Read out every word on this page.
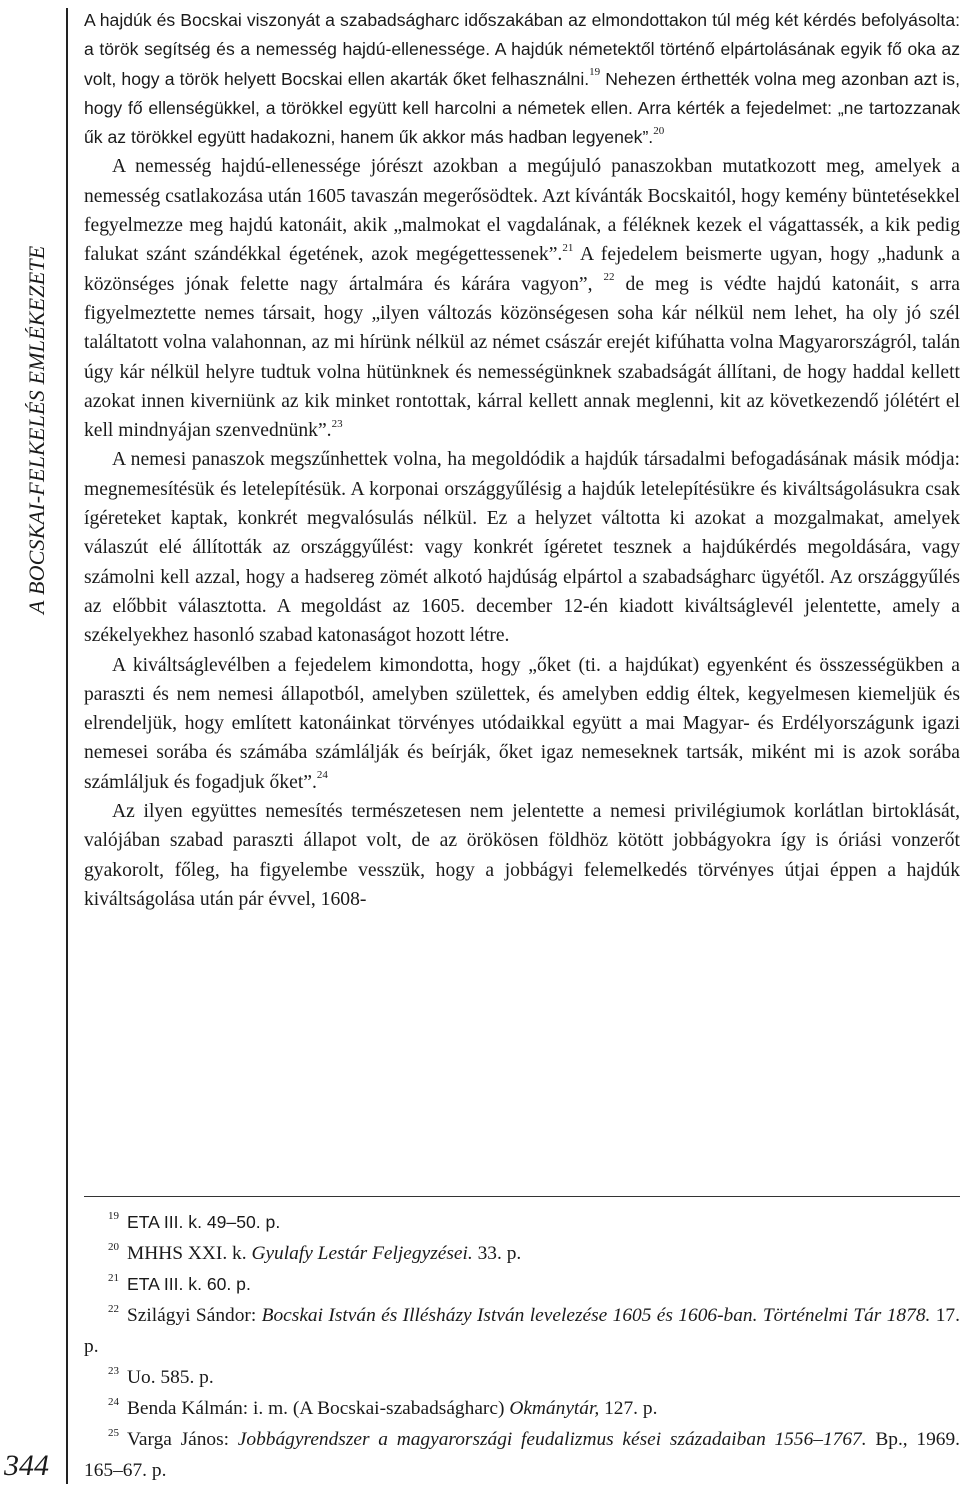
A BOCSKAI-FELKELÉS EMLÉKEZETE
344

A hajdúk és Bocskai viszonyát a szabadságharc időszakában az elmondottakon túl még két kérdés befolyásolta: a török segítség és a nemesség hajdú-ellenessége. A hajdúk németektől történő elpártolásának egyik fő oka az volt, hogy a török helyett Bocskai ellen akarták őket felhasználni.$^{19}$ Nehezen érthették volna meg azonban azt is, hogy fő ellenségükkel, a törökkel együtt kell harcolni a németek ellen. Arra kérték a fejedelmet: „ne tartozzanak űk az törökkel együtt hadakozni, hanem űk akkor más hadban legyenek”.$^{20}$

A nemesség hajdú-ellenessége jórészt azokban a megújuló panaszokban mutatkozott meg, amelyek a nemesség csatlakozása után 1605 tavaszán megerősödtek. Azt kívánták Bocskaitól, hogy kemény büntetésekkel fegyelmezze meg hajdú katonáit, akik „malmokat el vagdalának, a féléknek kezek el vágattassék, a kik pedig falukat szánt szándékkal égetének, azok megégettessenek”.$^{21}$ A fejedelem beismerte ugyan, hogy „hadunk a közönséges jónak felette nagy ártalmára és kárára vagyon”, $^{22}$ de meg is védte hajdú katonáit, s arra figyelmeztette nemes társait, hogy „ilyen változás közönségesen soha kár nélkül nem lehet, ha oly jó szél találtatott volna valahonnan, az mi hírünk nélkül az német császár erejét kifúhatta volna Magyarországról, talán úgy kár nélkül helyre tudtuk volna hütünknek és nemességünknek szabadságát állítani, de hogy haddal kellett azokat innen kiverniünk az kik minket rontottak, kárral kellett annak meglenni, kit az következendő jólétért el kell mindnyájan szenvednünk”.$^{23}$

A nemesi panaszok megszűnhettek volna, ha megoldódik a hajdúk társadalmi befogadásának másik módja: megnemesítésük és letelepítésük. A korponai országgyűlésig a hajdúk letelepítésükre és kiváltságolásukra csak ígéreteket kaptak, konkrét megvalósulás nélkül. Ez a helyzet váltotta ki azokat a mozgalmakat, amelyek válaszút elé állították az országgyűlést: vagy konkrét ígéretet tesznek a hajdúkérdés megoldására, vagy számolni kell azzal, hogy a hadsereg zömét alkotó hajdúság elpártol a szabadságharc ügyétől. Az országgyűlés az előbbit választotta. A megoldást az 1605. december 12-én kiadott kiváltságlevél jelentette, amely a székelyekhez hasonló szabad katonaságot hozott létre.

A kiváltságlevélben a fejedelem kimondotta, hogy „őket (ti. a hajdúkat) egyenként és összességükben a paraszti és nem nemesi állapotból, amelyben születtek, és amelyben eddig éltek, kegyelmesen kiemeljük és elrendeljük, hogy említett katonáinkat törvényes utódaikkal együtt a mai Magyar- és Erdélyországunk igazi nemesei sorába és számába számlálják és beírják, őket igaz nemeseknek tartsák, miként mi is azok sorába számláljuk és fogadjuk őket”.$^{24}$

Az ilyen együttes nemesítés természetesen nem jelentette a nemesi privilégiumok korlátlan birtoklását, valójában szabad paraszti állapot volt, de az örökösen földhöz kötött jobbágyokra így is óriási vonzerőt gyakorolt, főleg, ha figyelembe vesszük, hogy a jobbágyi felemelkedés törvényes útjai éppen a hajdúk kiváltságolása után pár évvel, 1608-

$^{19}$ ETA III. k. 49–50. p.

$^{20}$ MHHS XXI. k. Gyulafy Lestár Feljegyzései. 33. p.

$^{21}$ ETA III. k. 60. p.

$^{22}$ Szilágyi Sándor: Bocskai István és Illésházy István levelezése 1605 és 1606-ban. Történelmi Tár 1878. 17. p.

$^{23}$ Uo. 585. p.

$^{24}$ Benda Kálmán: i. m. (A Bocskai-szabadságharc) Okmánytár, 127. p.

$^{25}$ Varga János: Jobbágyrendszer a magyarországi feudalizmus kései századaiban 1556–1767. Bp., 1969. 165–67. p.
